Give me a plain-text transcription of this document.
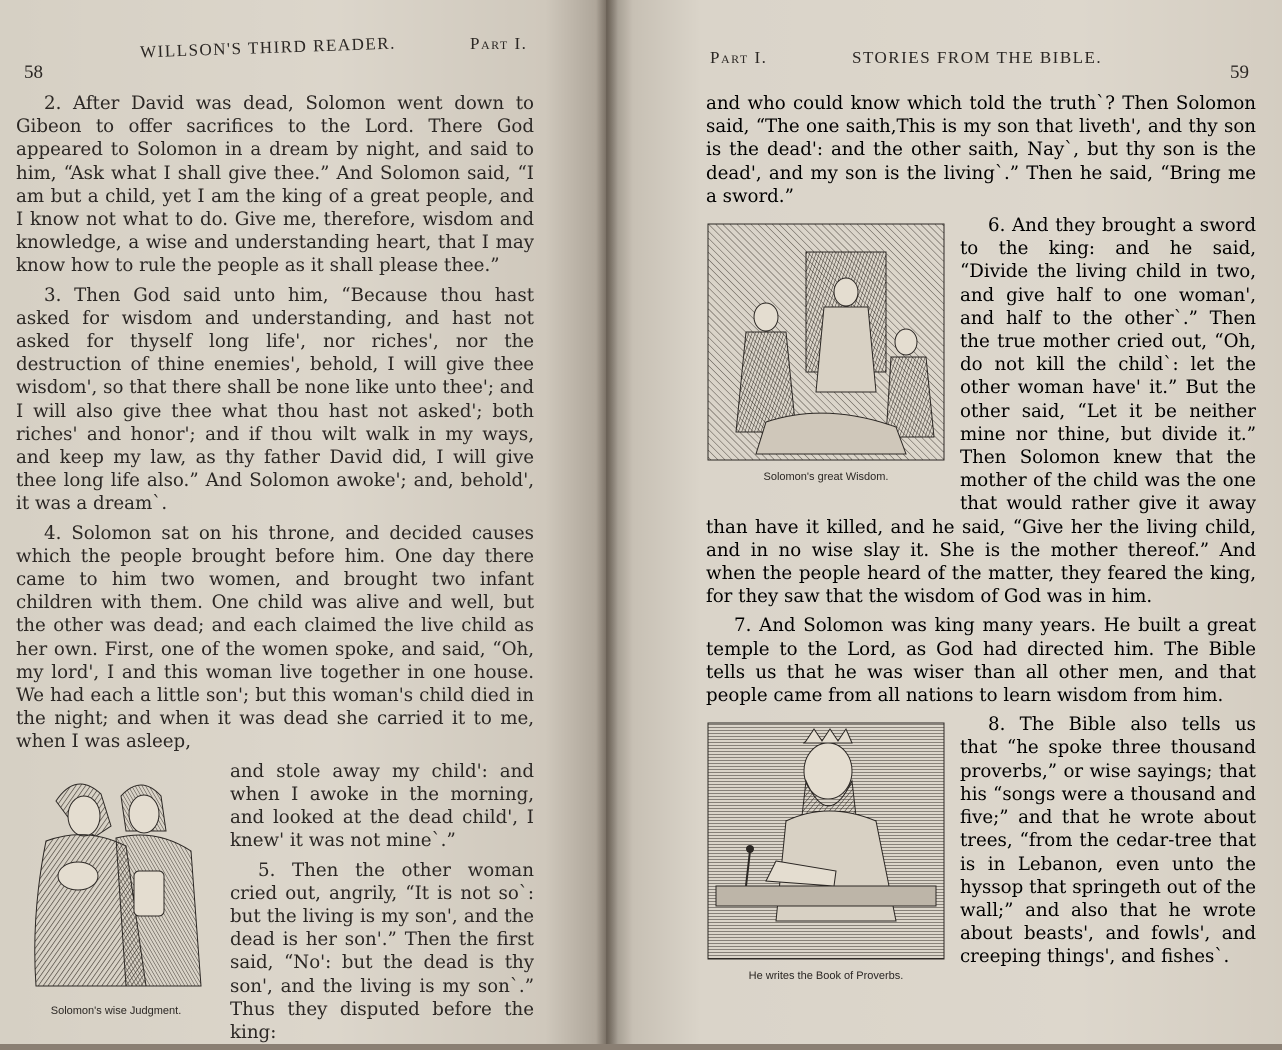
58
WILLSON'S THIRD READER.	Part I.

2. After David was dead, Solomon went down to Gibeon to offer sacrifices to the Lord. There God appeared to Solomon in a dream by night, and said to him, “Ask what I shall give thee.” And Solomon said, “I am but a child, yet I am the king of a great people, and I know not what to do. Give me, therefore, wisdom and knowledge, a wise and understanding heart, that I may know how to rule the people as it shall please thee.”

3. Then God said unto him, “Because thou hast asked for wisdom and understanding, and hast not asked for thyself long life', nor riches', nor the destruction of thine enemies', behold, I will give thee wisdom', so that there shall be none like unto thee'; and I will also give thee what thou hast not asked'; both riches' and honor'; and if thou wilt walk in my ways, and keep my law, as thy father David did, I will give thee long life also.” And Solomon awoke'; and, behold', it was a dream`.

4. Solomon sat on his throne, and decided causes which the people brought before him. One day there came to him two women, and brought two infant children with them. One child was alive and well, but the other was dead; and each claimed the live child as her own. First, one of the women spoke, and said, “Oh, my lord', I and this woman live together in one house. We had each a little son'; but this woman's child died in the night; and when it was dead she carried it to me, when I was asleep,

Solomon's wise Judgment.

and stole away my child': and when I awoke in the morning, and looked at the dead child', I knew' it was not mine`.”

5. Then the other woman cried out, angrily, “It is not so`: but the living is my son', and the dead is her son'.” Then the first said, “No': but the dead is thy son', and the living is my son`.” Thus they disputed before the king:

Part I.	STORIES FROM THE BIBLE.
59

and who could know which told the truth`? Then Solomon said, “The one saith,This is my son that liveth', and thy son is the dead': and the other saith, Nay`, but thy son is the dead', and my son is the living`.” Then he said, “Bring me a sword.”

Solomon's great Wisdom.

6. And they brought a sword to the king: and he said, “Divide the living child in two, and give half to one woman', and half to the other`.” Then the true mother cried out, “Oh, do not kill the child`: let the other woman have' it.” But the other said, “Let it be neither mine nor thine, but divide it.” Then Solomon knew that the mother of the child was the one that would rather give it away than have it killed, and he said, “Give her the living child, and in no wise slay it. She is the mother thereof.” And when the people heard of the matter, they feared the king, for they saw that the wisdom of God was in him.

7. And Solomon was king many years. He built a great temple to the Lord, as God had directed him. The Bible tells us that he was wiser than all other men, and that people came from all nations to learn wisdom from him.

He writes the Book of Proverbs.

8. The Bible also tells us that “he spoke three thousand proverbs,” or wise sayings; that his “songs were a thousand and five;” and that he wrote about trees, “from the cedar-tree that is in Lebanon, even unto the hyssop that springeth out of the wall;” and also that he wrote about beasts', and fowls', and creeping things', and fishes`.
